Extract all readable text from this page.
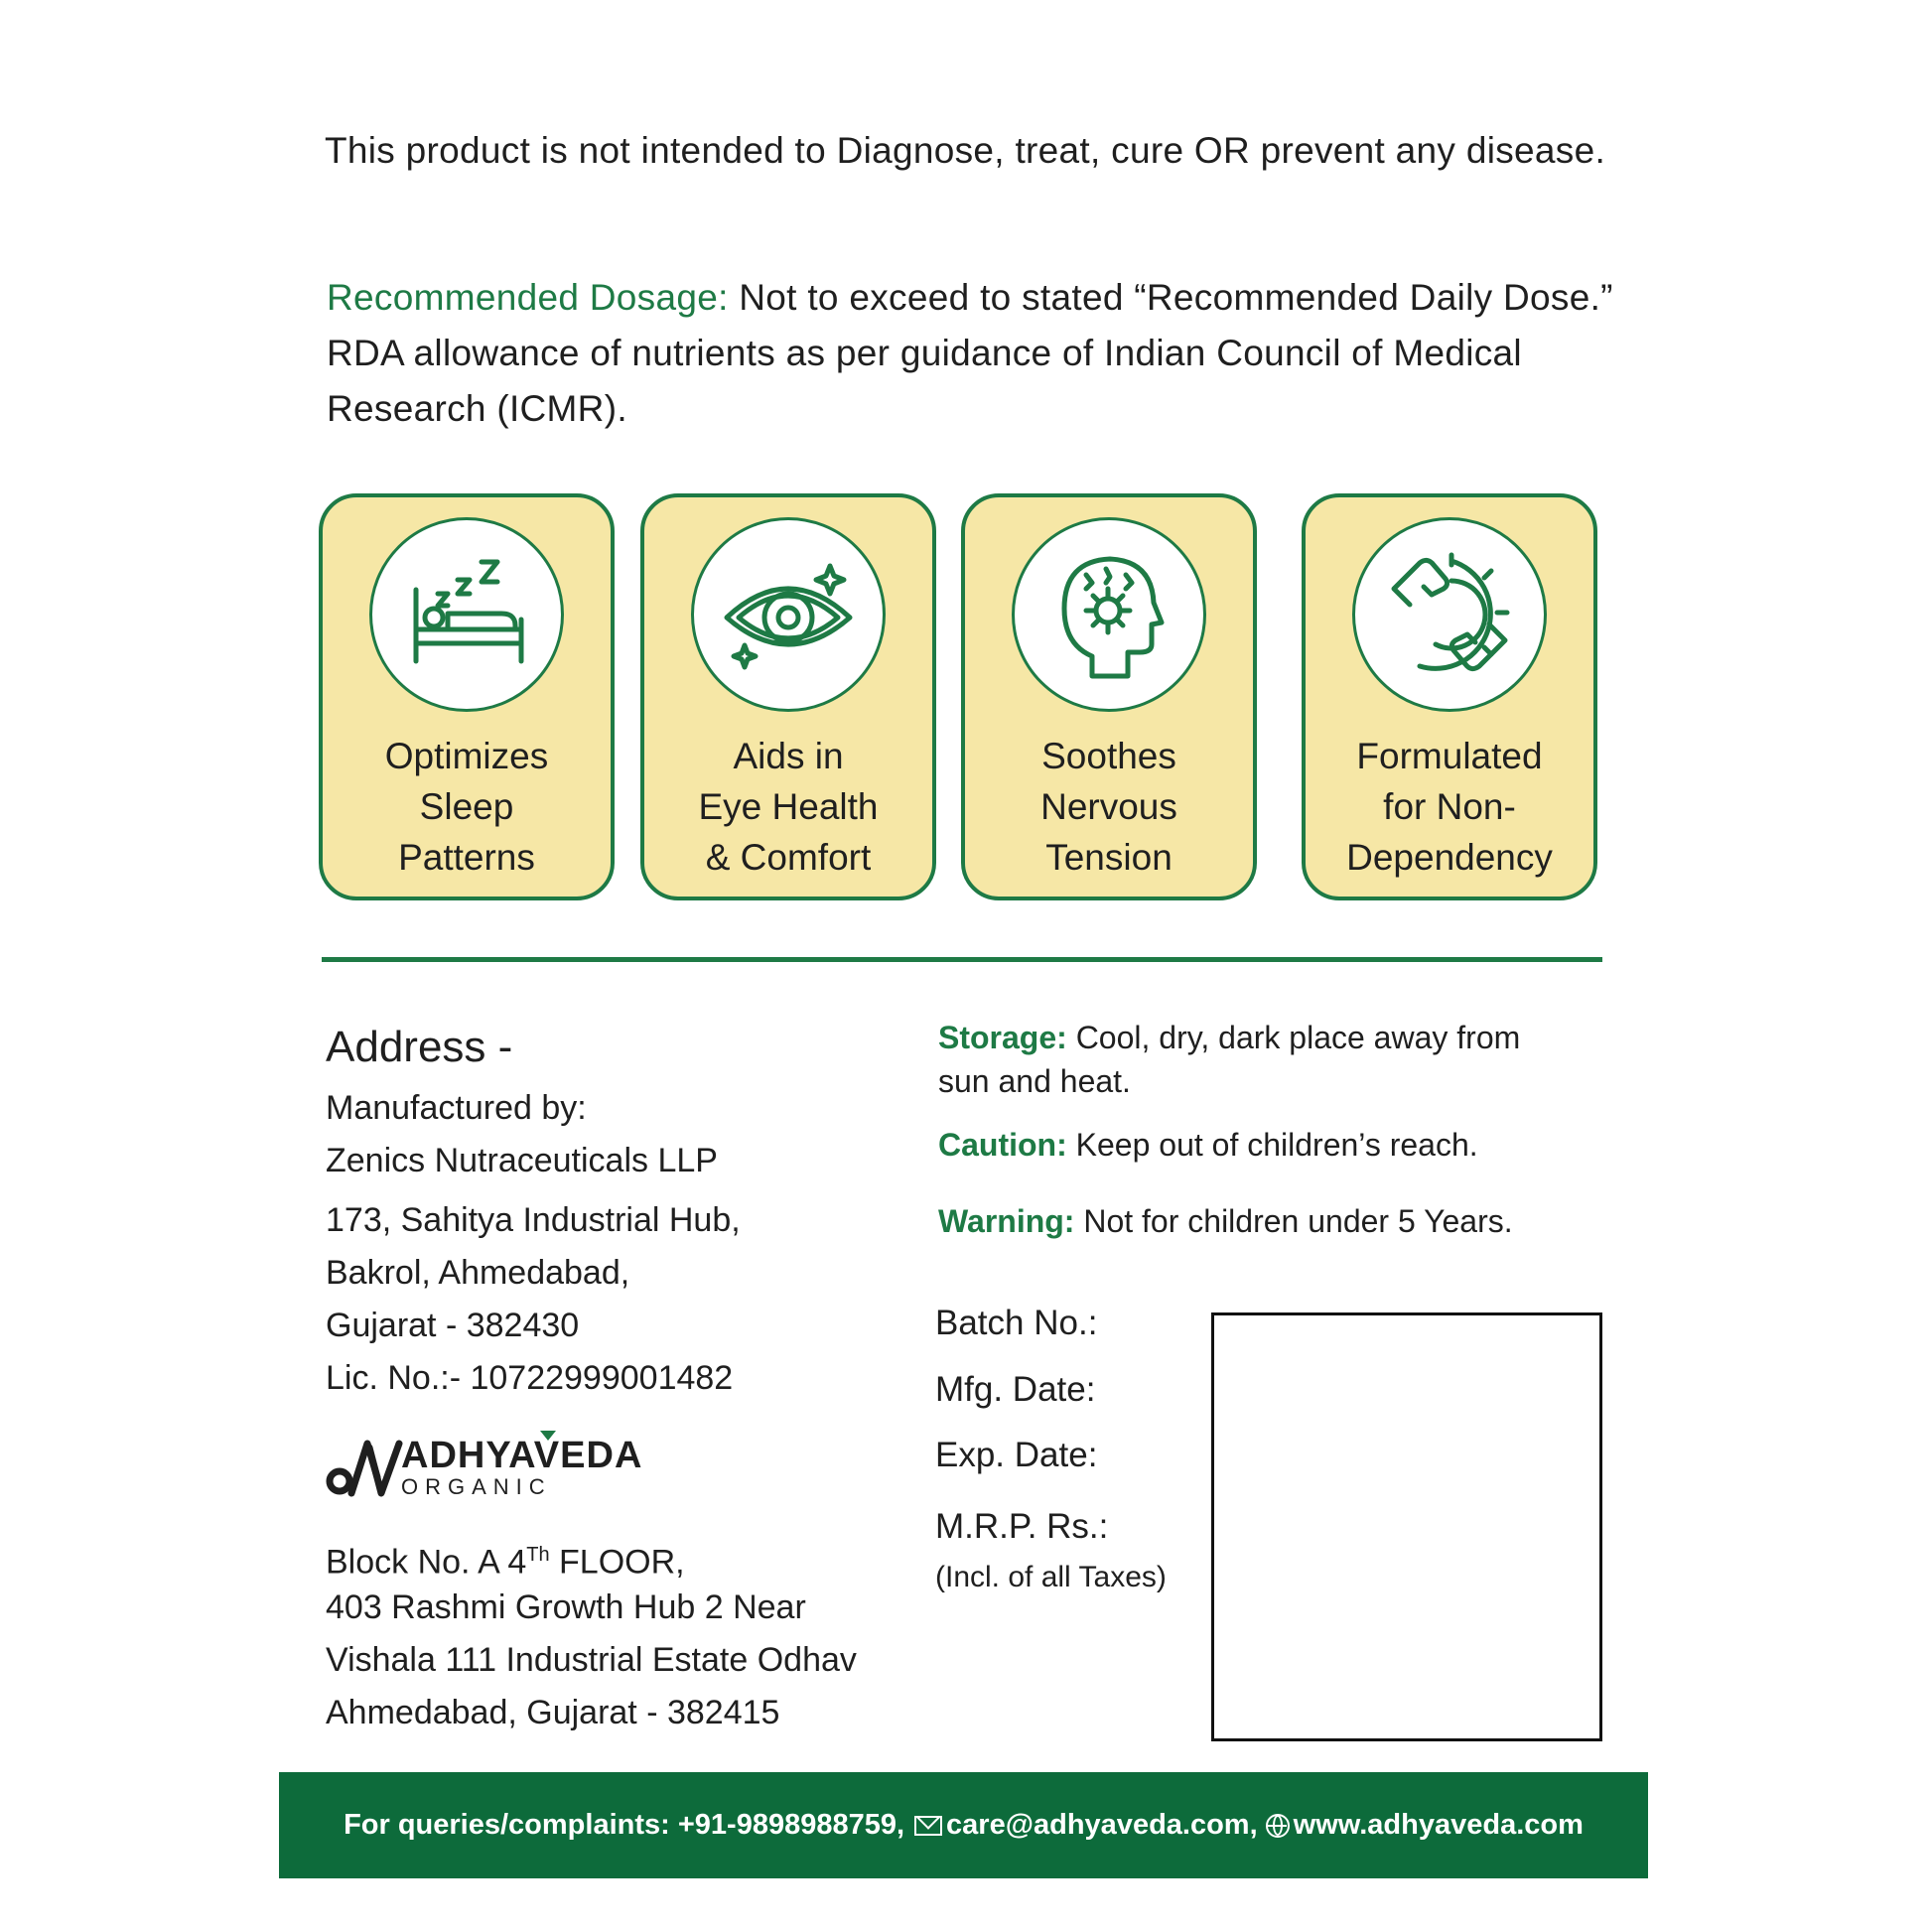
This product is not intended to Diagnose, treat, cure OR prevent any disease.
Recommended Dosage: Not to exceed to stated “Recommended Daily Dose.” RDA allowance of nutrients as per guidance of Indian Council of Medical Research (ICMR).
Optimizes
Sleep
Patterns
Aids in
Eye Health
& Comfort
Soothes
Nervous
Tension
Formulated
for Non-
Dependency
Address -
Manufactured by:
Zenics Nutraceuticals LLP
173, Sahitya Industrial Hub,
Bakrol, Ahmedabad,
Gujarat - 382430
Lic. No.:- 10722999001482
ADHYAVEDA
ORGANIC
Block No. A 4Th FLOOR,
403 Rashmi Growth Hub 2 Near
Vishala 111 Industrial Estate Odhav
Ahmedabad, Gujarat - 382415
Storage: Cool, dry, dark place away from sun and heat.
Caution: Keep out of children’s reach.
Warning: Not for children under 5 Years.
Batch No.:
Mfg. Date:
Exp. Date:
M.R.P. Rs.:
(Incl. of all Taxes)
For queries/complaints: +91-9898988759, care@adhyaveda.com, www.adhyaveda.com
